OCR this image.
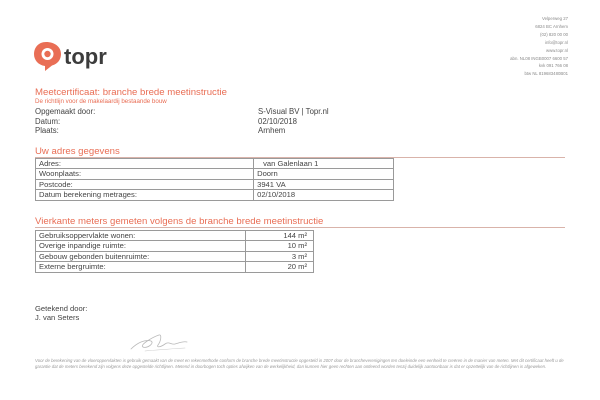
topr
Velperweg 27
6824 BC Arnhem
(02) 820 00 00
info@topr.nl
www.topr.nl
abn. NL08 INGB0007 6600 57
kvk 091 766 08
btw NL 819683480B01
Meetcertificaat: branche brede meetinstructie
De richtlijn voor de makelaardij bestaande bouw
Opgemaakt door:	S-Visual BV | Topr.nl
Datum:	02/10/2018
Plaats:	Arnhem
Uw adres gegevens
Adres:	van Galenlaan 1
Woonplaats:	Doorn
Postcode:	3941 VA
Datum berekening metrages:	02/10/2018
Vierkante meters gemeten volgens de branche brede meetinstructie
Gebruiksoppervlakte wonen:	144 m²
Overige inpandige ruimte:	10 m²
Gebouw gebonden buitenruimte:	3 m²
Externe bergruimte:	20 m²
Getekend door:
J. van Seters
Voor de berekening van de vloeroppervlakten is gebruik gemaakt van de meet en rekenmethode conform de branche brede meetinstructie opgesteld in 2007 door de brancheverenigingen ten doeleinde een eenheid te creëren in de manier van meten. Met dit certificaat heeft u de garantie dat de meters berekend zijn volgens deze opgestelde richtlijnen. Metend in doorbogen toch opties afwijken van de werkelijkheid, dan kunnen hier geen rechten aan ontleend worden tenzij duidelijk aantoonbaar is dat er opzettelijk van de richtlijnen is afgeweken.
